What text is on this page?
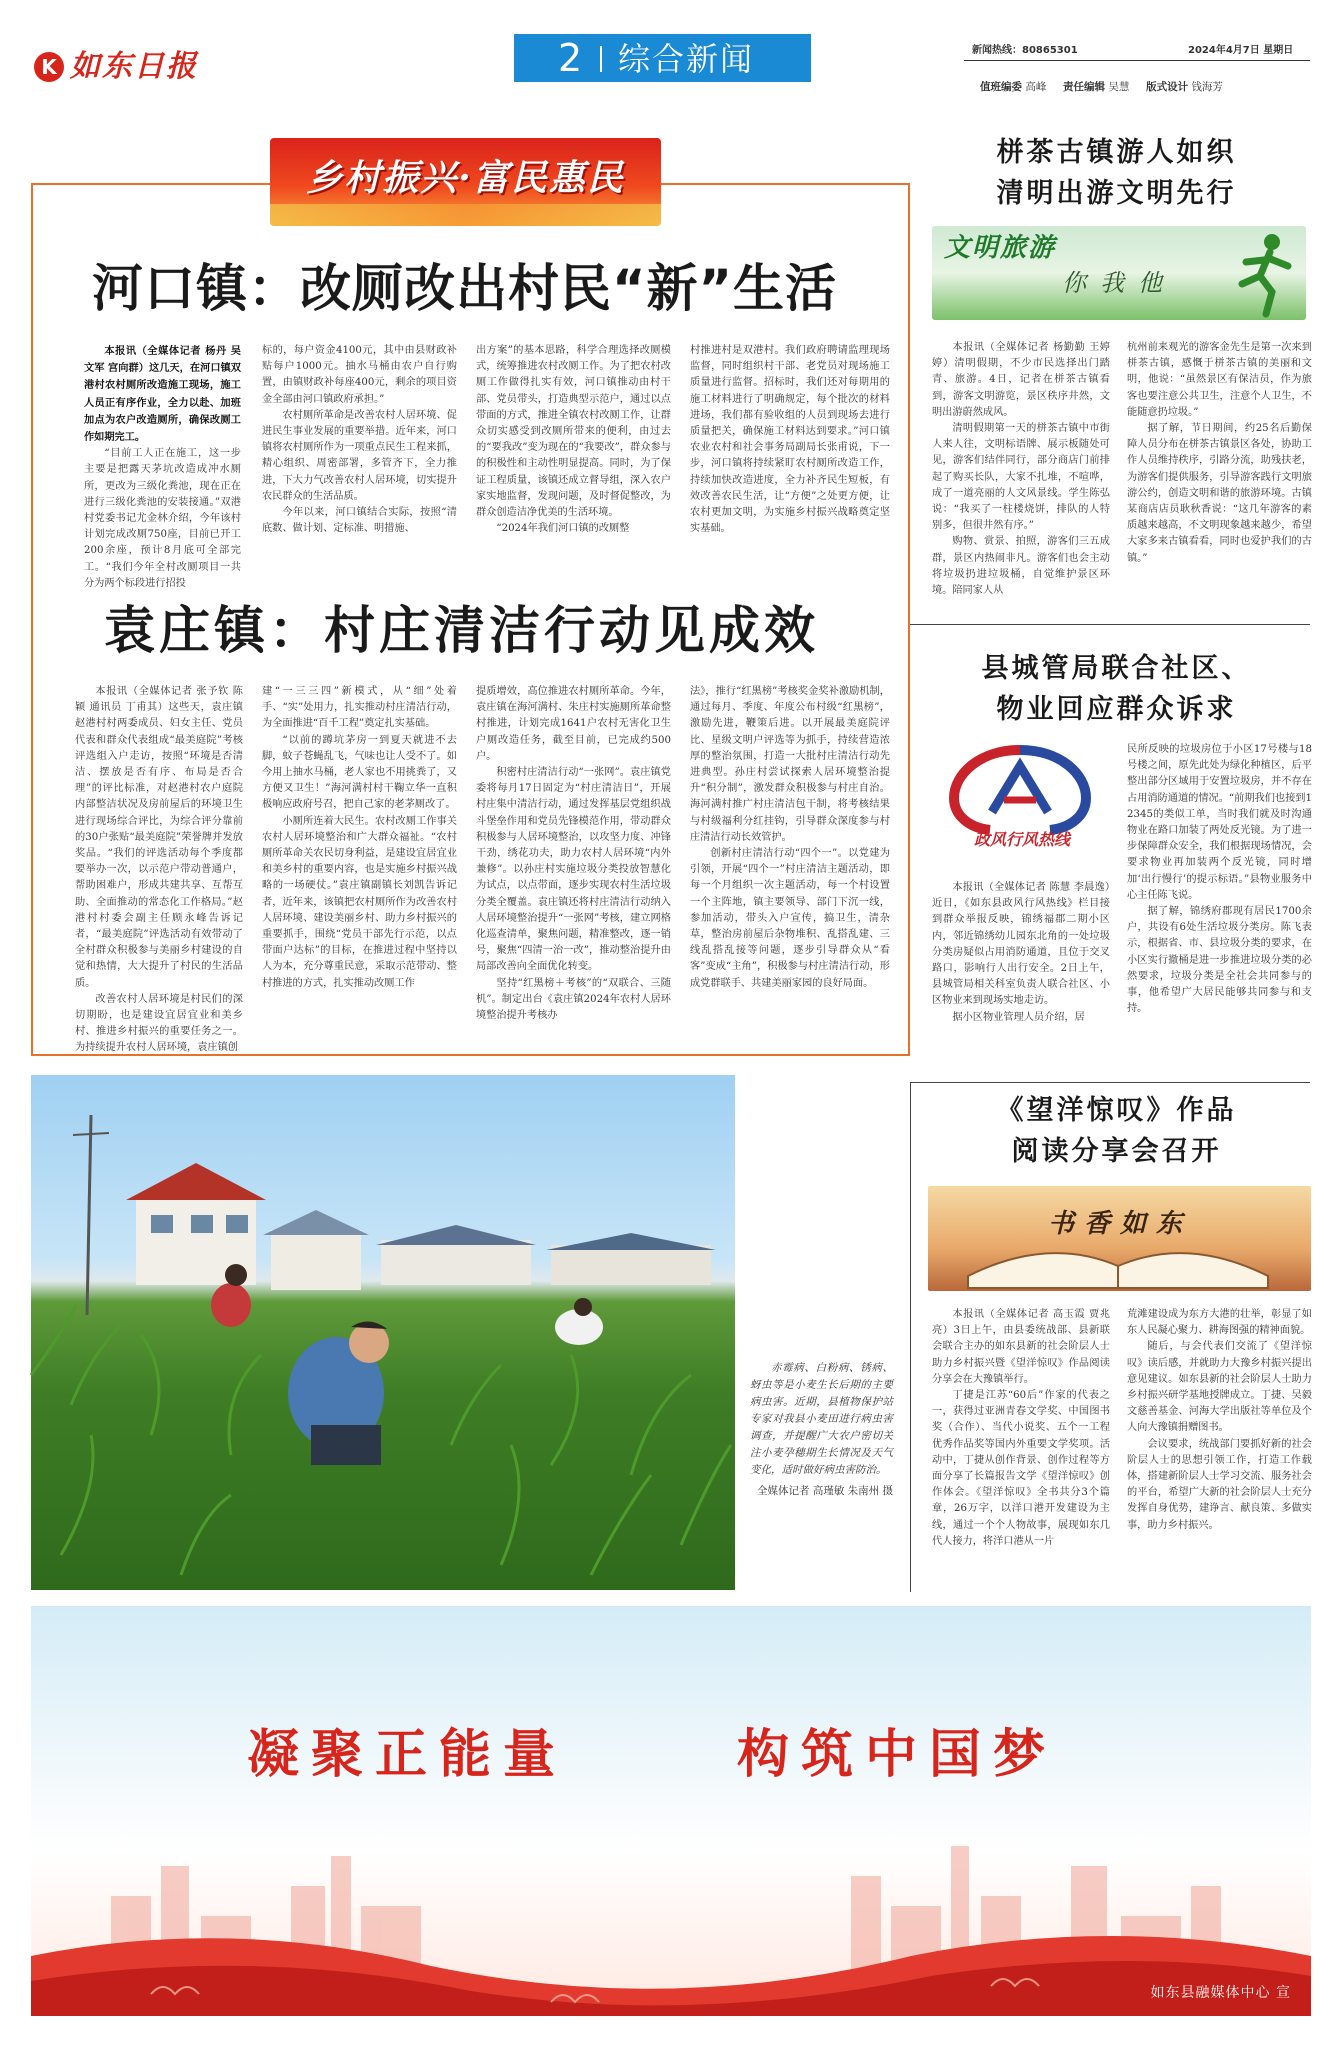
K 如东日报	2 综合新闻	新闻热线：80865301	2024年4月7日 星期日
值班编委 高峰 责任编辑 吴慧 版式设计 钱海芳
乡村振兴·富民惠民
河口镇：改厕改出村民“新”生活

本报讯（全媒体记者 杨丹 吴文军 宫向群）这几天，在河口镇双港村农村厕所改造施工现场，施工人员正有序作业，全力以赴、加班加点为农户改造厕所，确保改厕工作如期完工。

“目前工人正在施工，这一步主要是把露天茅坑改造成冲水厕所，更改为三级化粪池，现在正在进行三级化粪池的安装接通。”双港村党委书记尤金林介绍，今年该村计划完成改厕750座，目前已开工200余座，预计8月底可全部完工。“我们今年全村改厕项目一共分为两个标段进行招投

标的，每户资金4100元，其中由县财政补贴每户1000元。抽水马桶由农户自行购置，由镇财政补每座400元，剩余的项目资金全部由河口镇政府承担。”

农村厕所革命是改善农村人居环境、促进民生事业发展的重要举措。近年来，河口镇将农村厕所作为一项重点民生工程来抓，精心组织、周密部署，多管齐下，全力推进，下大力气改善农村人居环境，切实提升农民群众的生活品质。

今年以来，河口镇结合实际，按照“清底数、做计划、定标准、明措施、

出方案”的基本思路，科学合理选择改厕模式，统筹推进农村改厕工作。为了把农村改厕工作做得扎实有效，河口镇推动由村干部、党员带头，打造典型示范户，通过以点带面的方式，推进全镇农村改厕工作，让群众切实感受到改厕所带来的便利，由过去的“要我改”变为现在的“我要改”，群众参与的积极性和主动性明显提高。同时，为了保证工程质量，该镇还成立督导组，深入农户家实地监督，发现问题，及时督促整改，为群众创造洁净优美的生活环境。

“2024年我们河口镇的改厕整

村推进村是双港村。我们政府聘请监理现场监督，同时组织村干部、老党员对现场施工质量进行监督。招标时，我们还对每期用的施工材料进行了明确规定，每个批次的材料进场，我们都有验收组的人员到现场去进行质量把关，确保施工材料达到要求。”河口镇农业农村和社会事务局副局长张甫说，下一步，河口镇将持续紧盯农村厕所改造工作，持续加快改造进度，全力补齐民生短板，有效改善农民生活，让“方便”之处更方便，让农村更加文明，为实施乡村振兴战略奠定坚实基础。

袁庄镇：村庄清洁行动见成效

本报讯（全媒体记者 张予钦 陈颖 通讯员 丁甫其）这些天，袁庄镇赵港村村两委成员、妇女主任、党员代表和群众代表组成“最美庭院”考核评选组入户走访，按照“环境是否清洁、摆放是否有序、布局是否合理”的评比标准，对赵港村农户庭院内部整洁状况及房前屋后的环境卫生进行现场综合评比，为综合评分靠前的30户张贴“最美庭院”荣誉牌并发放奖品。“我们的评选活动每个季度都要举办一次，以示范户带动普通户，帮助困难户，形成共建共享、互帮互助、全面推动的常态化工作格局。”赵港村村委会副主任顾永峰告诉记者，“最美庭院”评选活动有效带动了全村群众积极参与美丽乡村建设的自觉和热情，大大提升了村民的生活品质。

改善农村人居环境是村民们的深切期盼，也是建设宜居宜业和美乡村、推进乡村振兴的重要任务之一。为持续提升农村人居环境，袁庄镇创

建“一三三四”新模式，从“细”处着手、“实”处用力，扎实推动村庄清洁行动，为全面推进“百千工程”奠定扎实基础。

“以前的蹲坑茅房一到夏天就进不去脚，蚊子苍蝇乱飞，气味也让人受不了。如今用上抽水马桶，老人家也不用挑粪了，又方便又卫生！”海河满村村干鞠立华一直积极响应政府号召，把自己家的老茅厕改了。

小厕所连着大民生。农村改厕工作事关农村人居环境整治和广大群众福祉。“农村厕所革命关农民切身利益，是建设宜居宜业和美乡村的重要内容，也是实施乡村振兴战略的一场硬仗。”袁庄镇副镇长刘凯告诉记者，近年来，该镇把农村厕所作为改善农村人居环境、建设美丽乡村、助力乡村振兴的重要抓手，围绕“党员干部先行示范，以点带面户达标”的目标，在推进过程中坚持以人为本，充分尊重民意，采取示范带动、整村推进的方式，扎实推动改厕工作

提质增效，高位推进农村厕所革命。今年，袁庄镇在海河满村、朱庄村实施厕所革命整村推进，计划完成1641户农村无害化卫生户厕改造任务，截至目前，已完成约500户。

积密村庄清洁行动“一张网”。袁庄镇党委将每月17日固定为“村庄清洁日”，开展村庄集中清洁行动，通过发挥基层党组织战斗堡垒作用和党员先锋模范作用，带动群众积极参与人居环境整治，以攻坚力度、冲锋干劲，绣花功夫，助力农村人居环境“内外兼修”。以孙庄村实施垃圾分类投放智慧化为试点，以点带面，逐步实现农村生活垃圾分类全覆盖。袁庄镇还将村庄清洁行动纳入人居环境整治提升“一张网”考核，建立网格化巡查清单，聚焦问题，精准整改，逐一销号，聚焦“四清一治一改”，推动整治提升由局部改善向全面优化转变。

坚持“红黑榜＋考核”的“双联合、三随机”。制定出台《袁庄镇2024年农村人居环境整治提升考核办

法》，推行“红黑榜”考核奖金奖补激励机制，通过每月、季度、年度公布村级“红黑榜”，激励先进，鞭策后进。以开展最美庭院评比、星级文明户评选等为抓手，持续营造浓厚的整治氛围，打造一大批村庄清洁行动先进典型。孙庄村尝试探索人居环境整治提升“积分制”，激发群众积极参与村庄自治。海河满村推广村庄清洁包干制，将考核结果与村级福利分红挂钩，引导群众深度参与村庄清洁行动长效管护。

创新村庄清洁行动“四个一”。以党建为引领，开展“四个一”村庄清洁主题活动，即每一个月组织一次主题活动，每一个村设置一个主阵地，镇主要领导、部门下沉一线，参加活动，带头入户宣传，搞卫生，清杂草，整治房前屋后杂物堆积、乱搭乱建、三线乱搭乱接等问题，逐步引导群众从“看客”变成“主角”，积极参与村庄清洁行动，形成党群联手、共建美丽家园的良好局面。

赤霉病、白粉病、锈病、蚜虫等是小麦生长后期的主要病虫害。近期，县植物保护站专家对我县小麦田进行病虫害调查，并提醒广大农户密切关注小麦孕穗期生长情况及天气变化，适时做好病虫害防治。

全媒体记者 高瑾敏 朱南州 摄

栟茶古镇游人如织
清明出游文明先行
文明旅游
你我他

本报讯（全媒体记者 杨勤勤 王婷婷）清明假期，不少市民选择出门踏青、旅游。4日，记者在栟茶古镇看到，游客文明游览，景区秩序井然，文明出游蔚然成风。

清明假期第一天的栟茶古镇中市街人来人往，文明标语牌、展示板随处可见，游客们结伴同行，部分商店门前排起了购买长队，大家不扎堆，不喧哗，成了一道亮丽的人文风景线。学生陈弘说：“我买了一柱楼烧饼，排队的人特别多，但很井然有序。”

购物、赏景、拍照，游客们三五成群，景区内热闹非凡。游客们也会主动将垃圾扔进垃圾桶，自觉维护景区环境。陪同家人从

杭州前来观光的游客金先生是第一次来到栟茶古镇，感慨于栟茶古镇的美丽和文明，他说：“虽然景区有保洁员，作为旅客也要注意公共卫生，注意个人卫生，不能随意扔垃圾。”

据了解，节日期间，约25名后勤保障人员分布在栟茶古镇景区各处，协助工作人员维持秩序，引路分流，助残扶老，为游客们提供服务，引导游客践行文明旅游公约，创造文明和谐的旅游环境。古镇某商店店员耿秋香说：“这几年游客的素质越来越高，不文明现象越来越少，希望大家多来古镇看看，同时也爱护我们的古镇。”

县城管局联合社区、
物业回应群众诉求
政风行风热线

本报讯（全媒体记者 陈慧 李晨逸）近日，《如东县政风行风热线》栏目接到群众举报反映，锦绣福郡二期小区内，邻近锦绣幼儿园东北角的一处垃圾分类房疑似占用消防通道，且位于交叉路口，影响行人出行安全。2日上午，县城管局相关科室负责人联合社区、小区物业来到现场实地走访。

据小区物业管理人员介绍，居

民所反映的垃圾房位于小区17号楼与18号楼之间，原先此处为绿化种植区，后平整出部分区域用于安置垃圾房，并不存在占用消防通道的情况。“前期我们也接到12345的类似工单，当时我们就及时沟通物业在路口加装了两处反光镜。为了进一步保障群众安全，我们根据现场情况，会要求物业再加装两个反光镜，同时增加‘出行慢行’的提示标语。”县物业服务中心主任陈飞说。

据了解，锦绣府郡现有居民1700余户，共设有6处生活垃圾分类房。陈飞表示，根据省、市、县垃圾分类的要求，在小区实行撤桶是进一步推进垃圾分类的必然要求，垃圾分类是全社会共同参与的事，他希望广大居民能够共同参与和支持。

《望洋惊叹》作品
阅读分享会召开
书香如东

本报讯（全媒体记者 高玉霞 贾兆亮）3日上午，由县委统战部、县新联会联合主办的如东县新的社会阶层人士助力乡村振兴暨《望洋惊叹》作品阅读分享会在大豫镇举行。

丁捷是江苏“60后”作家的代表之一，获得过亚洲青春文学奖、中国图书奖（合作）、当代小说奖、五个一工程优秀作品奖等国内外重要文学奖项。活动中，丁捷从创作背景、创作过程等方面分享了长篇报告文学《望洋惊叹》创作体会。《望洋惊叹》全书共分3个篇章，26万字，以洋口港开发建设为主线，通过一个个人物故事，展现如东几代人接力，将洋口港从一片

荒滩建设成为东方大港的壮举，彰显了如东人民凝心聚力、耕海图强的精神面貌。

随后，与会代表们交流了《望洋惊叹》读后感，并就助力大豫乡村振兴提出意见建议。如东县新的社会阶层人士助力乡村振兴研学基地授牌成立。丁捷、吴毅文慈善基金、河海大学出版社等单位及个人向大豫镇捐赠图书。

会议要求，统战部门要抓好新的社会阶层人士的思想引领工作，打造工作载体，搭建新阶层人士学习交流、服务社会的平台，希望广大新的社会阶层人士充分发挥自身优势，建诤言、献良策、多做实事，助力乡村振兴。

凝聚正能量	构筑中国梦
如东县融媒体中心 宣
